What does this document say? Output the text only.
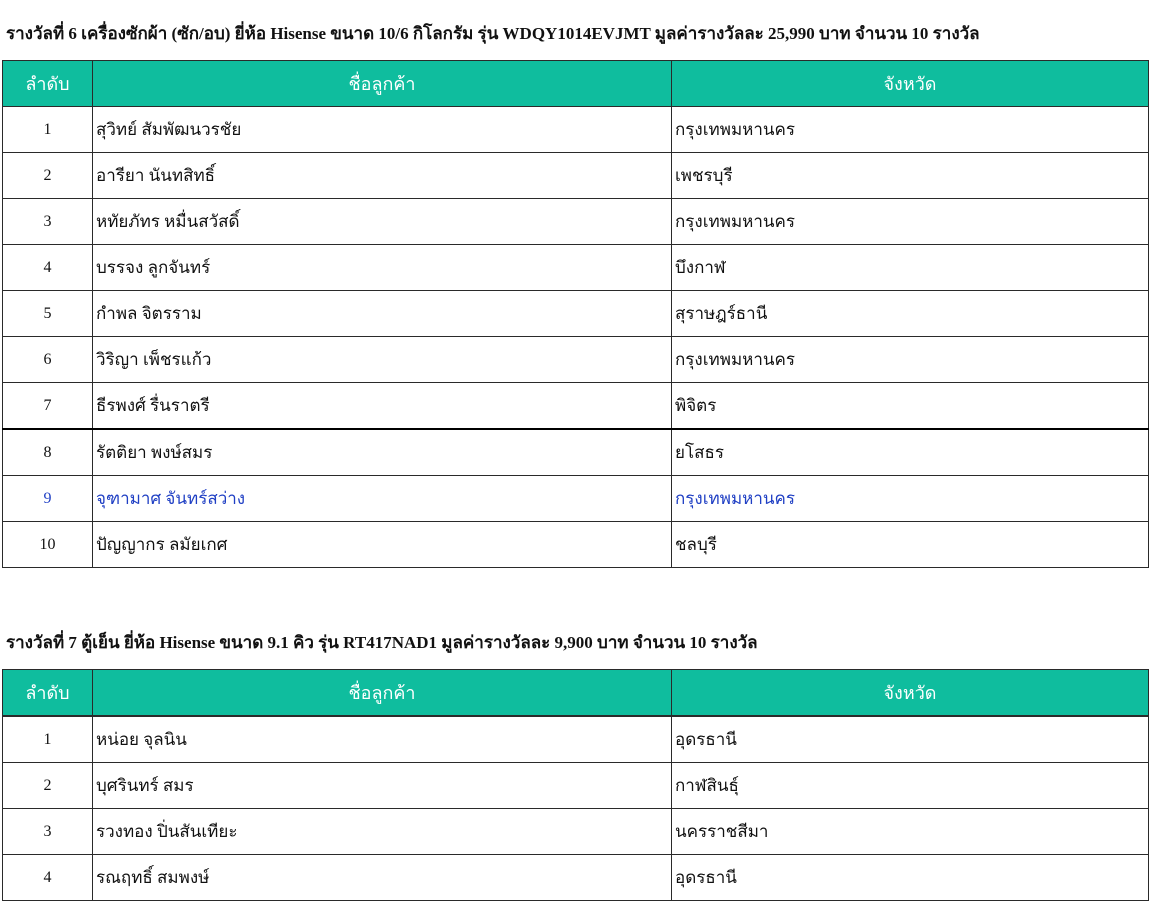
รางวัลที่ 6 เครื่องซักผ้า (ซัก/อบ) ยี่ห้อ Hisense ขนาด 10/6 กิโลกรัม รุ่น WDQY1014EVJMT มูลค่ารางวัลละ 25,990 บาท จำนวน 10 รางวัล
ลำดับ	ชื่อลูกค้า	จังหวัด
1	สุวิทย์ สัมพัฒนวรชัย	กรุงเทพมหานคร
2	อารียา นันทสิทธิ์	เพชรบุรี
3	หทัยภัทร หมื่นสวัสดิ์	กรุงเทพมหานคร
4	บรรจง ลูกจันทร์	บึงกาฬ
5	กำพล จิตรราม	สุราษฎร์ธานี
6	วิริญา เพ็ชรแก้ว	กรุงเทพมหานคร
7	ธีรพงศ์ รื่นราตรี	พิจิตร
8	รัตติยา พงษ์สมร	ยโสธร
9	จุฑามาศ จันทร์สว่าง	กรุงเทพมหานคร
10	ปัญญากร ลมัยเกศ	ชลบุรี
รางวัลที่ 7 ตู้เย็น ยี่ห้อ Hisense ขนาด 9.1 คิว รุ่น RT417NAD1 มูลค่ารางวัลละ 9,900 บาท จำนวน 10 รางวัล
ลำดับ	ชื่อลูกค้า	จังหวัด
1	หน่อย จุลนิน	อุดรธานี
2	บุศรินทร์ สมร	กาฬสินธุ์
3	รวงทอง ปิ่นสันเทียะ	นครราชสีมา
4	รณฤทธิ์ สมพงษ์	อุดรธานี
